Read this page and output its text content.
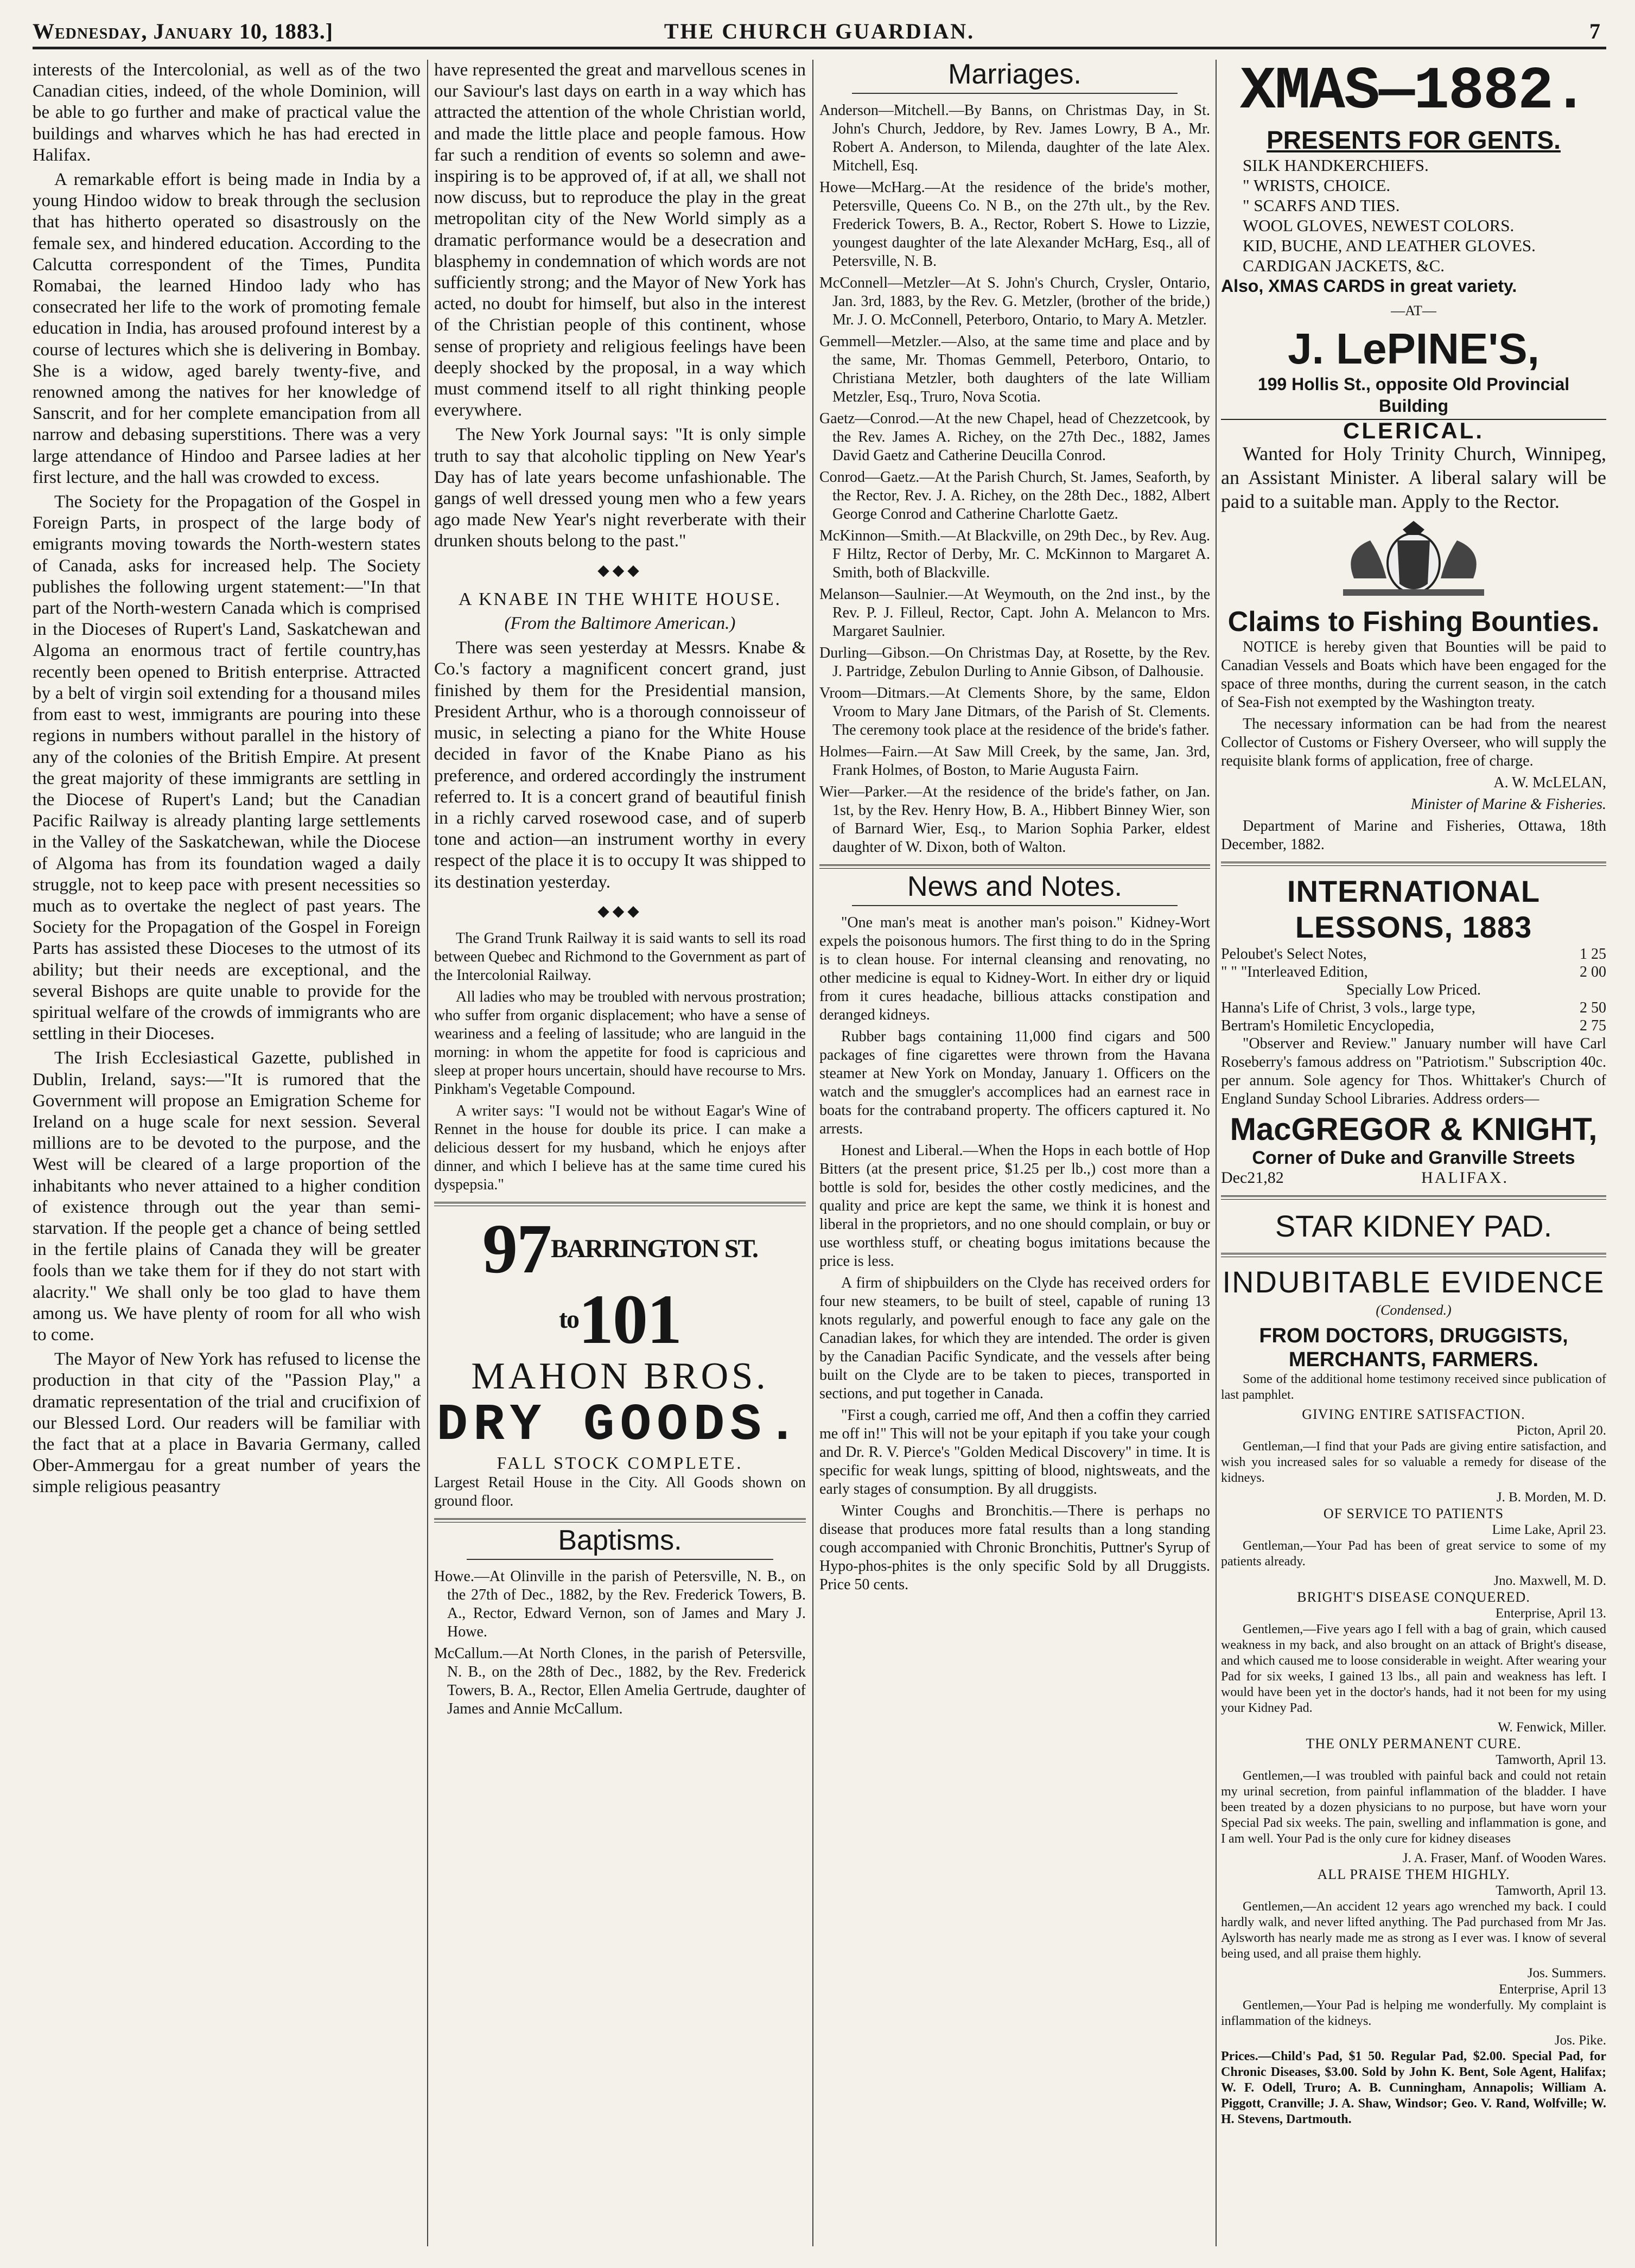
Wednesday, January 10, 1883.]	THE CHURCH GUARDIAN.	7

interests of the Intercolonial, as well as of the two Canadian cities, indeed, of the whole Dominion, will be able to go further and make of practical value the buildings and wharves which he has had erected in Halifax.

A remarkable effort is being made in India by a young Hindoo widow to break through the seclusion that has hitherto operated so disastrously on the female sex, and hindered education. According to the Calcutta correspondent of the Times, Pundita Romabai, the learned Hindoo lady who has consecrated her life to the work of promoting female education in India, has aroused profound interest by a course of lectures which she is delivering in Bombay. She is a widow, aged barely twenty-five, and renowned among the natives for her knowledge of Sanscrit, and for her complete emancipation from all narrow and debasing superstitions. There was a very large attendance of Hindoo and Parsee ladies at her first lecture, and the hall was crowded to excess.

The Society for the Propagation of the Gospel in Foreign Parts, in prospect of the large body of emigrants moving towards the North-western states of Canada, asks for increased help. The Society publishes the following urgent statement:—"In that part of the North-western Canada which is comprised in the Dioceses of Rupert's Land, Saskatchewan and Algoma an enormous tract of fertile country,has recently been opened to British enterprise. Attracted by a belt of virgin soil extending for a thousand miles from east to west, immigrants are pouring into these regions in numbers without parallel in the history of any of the colonies of the British Empire. At present the great majority of these immigrants are settling in the Diocese of Rupert's Land; but the Canadian Pacific Railway is already planting large settlements in the Valley of the Saskatchewan, while the Diocese of Algoma has from its foundation waged a daily struggle, not to keep pace with present necessities so much as to overtake the neglect of past years. The Society for the Propagation of the Gospel in Foreign Parts has assisted these Dioceses to the utmost of its ability; but their needs are exceptional, and the several Bishops are quite unable to provide for the spiritual welfare of the crowds of immigrants who are settling in their Dioceses.

The Irish Ecclesiastical Gazette, published in Dublin, Ireland, says:—"It is rumored that the Government will propose an Emigration Scheme for Ireland on a huge scale for next session. Several millions are to be devoted to the purpose, and the West will be cleared of a large proportion of the inhabitants who never attained to a higher condition of existence through out the year than semi-starvation. If the people get a chance of being settled in the fertile plains of Canada they will be greater fools than we take them for if they do not start with alacrity." We shall only be too glad to have them among us. We have plenty of room for all who wish to come.

The Mayor of New York has refused to license the production in that city of the "Passion Play," a dramatic representation of the trial and crucifixion of our Blessed Lord. Our readers will be familiar with the fact that at a place in Bavaria Germany, called Ober-Ammergau for a great number of years the simple religious peasantry

have represented the great and marvellous scenes in our Saviour's last days on earth in a way which has attracted the attention of the whole Christian world, and made the little place and people famous. How far such a rendition of events so solemn and awe-inspiring is to be approved of, if at all, we shall not now discuss, but to reproduce the play in the great metropolitan city of the New World simply as a dramatic performance would be a desecration and blasphemy in condemnation of which words are not sufficiently strong; and the Mayor of New York has acted, no doubt for himself, but also in the interest of the Christian people of this continent, whose sense of propriety and religious feelings have been deeply shocked by the proposal, in a way which must commend itself to all right thinking people everywhere.

The New York Journal says: "It is only simple truth to say that alcoholic tippling on New Year's Day has of late years become unfashionable. The gangs of well dressed young men who a few years ago made New Year's night reverberate with their drunken shouts belong to the past."

◆◆◆

A KNABE IN THE WHITE HOUSE.

(From the Baltimore American.)

There was seen yesterday at Messrs. Knabe & Co.'s factory a magnificent concert grand, just finished by them for the Presidential mansion, President Arthur, who is a thorough connoisseur of music, in selecting a piano for the White House decided in favor of the Knabe Piano as his preference, and ordered accordingly the instrument referred to. It is a concert grand of beautiful finish in a richly carved rosewood case, and of superb tone and action—an instrument worthy in every respect of the place it is to occupy It was shipped to its destination yesterday.

◆◆◆

The Grand Trunk Railway it is said wants to sell its road between Quebec and Richmond to the Government as part of the Intercolonial Railway.

All ladies who may be troubled with nervous prostration; who suffer from organic displacement; who have a sense of weariness and a feeling of lassitude; who are languid in the morning: in whom the appetite for food is capricious and sleep at proper hours uncertain, should have recourse to Mrs. Pinkham's Vegetable Compound.

A writer says: "I would not be without Eagar's Wine of Rennet in the house for double its price. I can make a delicious dessert for my husband, which he enjoys after dinner, and which I believe has at the same time cured his dyspepsia."

$97^{BARRINGTON ST. to}101$
MAHON BROS.
DRY GOODS.
FALL STOCK COMPLETE.

Largest Retail House in the City. All Goods shown on ground floor.

Baptisms.
Howe.—At Olinville in the parish of Petersville, N. B., on the 27th of Dec., 1882, by the Rev. Frederick Towers, B. A., Rector, Edward Vernon, son of James and Mary J. Howe.
McCallum.—At North Clones, in the parish of Petersville, N. B., on the 28th of Dec., 1882, by the Rev. Frederick Towers, B. A., Rector, Ellen Amelia Gertrude, daughter of James and Annie McCallum.
Marriages.
Anderson—Mitchell.—By Banns, on Christmas Day, in St. John's Church, Jeddore, by Rev. James Lowry, B A., Mr. Robert A. Anderson, to Milenda, daughter of the late Alex. Mitchell, Esq.
Howe—McHarg.—At the residence of the bride's mother, Petersville, Queens Co. N B., on the 27th ult., by the Rev. Frederick Towers, B. A., Rector, Robert S. Howe to Lizzie, youngest daughter of the late Alexander McHarg, Esq., all of Petersville, N. B.
McConnell—Metzler—At S. John's Church, Crysler, Ontario, Jan. 3rd, 1883, by the Rev. G. Metzler, (brother of the bride,) Mr. J. O. McConnell, Peterboro, Ontario, to Mary A. Metzler.
Gemmell—Metzler.—Also, at the same time and place and by the same, Mr. Thomas Gemmell, Peterboro, Ontario, to Christiana Metzler, both daughters of the late William Metzler, Esq., Truro, Nova Scotia.
Gaetz—Conrod.—At the new Chapel, head of Chezzetcook, by the Rev. James A. Richey, on the 27th Dec., 1882, James David Gaetz and Catherine Deucilla Conrod.
Conrod—Gaetz.—At the Parish Church, St. James, Seaforth, by the Rector, Rev. J. A. Richey, on the 28th Dec., 1882, Albert George Conrod and Catherine Charlotte Gaetz.
McKinnon—Smith.—At Blackville, on 29th Dec., by Rev. Aug. F Hiltz, Rector of Derby, Mr. C. McKinnon to Margaret A. Smith, both of Blackville.
Melanson—Saulnier.—At Weymouth, on the 2nd inst., by the Rev. P. J. Filleul, Rector, Capt. John A. Melancon to Mrs. Margaret Saulnier.
Durling—Gibson.—On Christmas Day, at Rosette, by the Rev. J. Partridge, Zebulon Durling to Annie Gibson, of Dalhousie.
Vroom—Ditmars.—At Clements Shore, by the same, Eldon Vroom to Mary Jane Ditmars, of the Parish of St. Clements. The ceremony took place at the residence of the bride's father.
Holmes—Fairn.—At Saw Mill Creek, by the same, Jan. 3rd, Frank Holmes, of Boston, to Marie Augusta Fairn.
Wier—Parker.—At the residence of the bride's father, on Jan. 1st, by the Rev. Henry How, B. A., Hibbert Binney Wier, son of Barnard Wier, Esq., to Marion Sophia Parker, eldest daughter of W. Dixon, both of Walton.
News and Notes.

"One man's meat is another man's poison." Kidney-Wort expels the poisonous humors. The first thing to do in the Spring is to clean house. For internal cleansing and renovating, no other medicine is equal to Kidney-Wort. In either dry or liquid from it cures headache, billious attacks constipation and deranged kidneys.

Rubber bags containing 11,000 find cigars and 500 packages of fine cigarettes were thrown from the Havana steamer at New York on Monday, January 1. Officers on the watch and the smuggler's accomplices had an earnest race in boats for the contraband property. The officers captured it. No arrests.

Honest and Liberal.—When the Hops in each bottle of Hop Bitters (at the present price, $1.25 per lb.,) cost more than a bottle is sold for, besides the other costly medicines, and the quality and price are kept the same, we think it is honest and liberal in the proprietors, and no one should complain, or buy or use worthless stuff, or cheating bogus imitations because the price is less.

A firm of shipbuilders on the Clyde has received orders for four new steamers, to be built of steel, capable of runing 13 knots regularly, and powerful enough to face any gale on the Canadian lakes, for which they are intended. The order is given by the Canadian Pacific Syndicate, and the vessels after being built on the Clyde are to be taken to pieces, transported in sections, and put together in Canada.

"First a cough, carried me off, And then a coffin they carried me off in!" This will not be your epitaph if you take your cough and Dr. R. V. Pierce's "Golden Medical Discovery" in time. It is specific for weak lungs, spitting of blood, nightsweats, and the early stages of consumption. By all druggists.

Winter Coughs and Bronchitis.—There is perhaps no disease that produces more fatal results than a long standing cough accompanied with Chronic Bronchitis, Puttner's Syrup of Hypo-phos-phites is the only specific Sold by all Druggists. Price 50 cents.

XMAS—1882.
PRESENTS FOR GENTS.

SILK HANDKERCHIEFS.

" WRISTS, CHOICE.

" SCARFS AND TIES.

WOOL GLOVES, NEWEST COLORS.

KID, BUCHE, AND LEATHER GLOVES.

CARDIGAN JACKETS, &C.

Also, XMAS CARDS in great variety.

—AT—

J. LePINE'S,
199 Hollis St., opposite Old Provincial Building
CLERICAL.

Wanted for Holy Trinity Church, Winnipeg, an Assistant Minister. A liberal salary will be paid to a suitable man. Apply to the Rector.

Claims to Fishing Bounties.

NOTICE is hereby given that Bounties will be paid to Canadian Vessels and Boats which have been engaged for the space of three months, during the current season, in the catch of Sea-Fish not exempted by the Washington treaty.

The necessary information can be had from the nearest Collector of Customs or Fishery Overseer, who will supply the requisite blank forms of application, free of charge.

A. W. McLELAN,

Minister of Marine & Fisheries.

Department of Marine and Fisheries, Ottawa, 18th December, 1882.

INTERNATIONAL LESSONS, 1883
Peloubet's Select Notes,	1 25
" " "Interleaved Edition,	2 00
Specially Low Priced.
Hanna's Life of Christ, 3 vols., large type,	2 50
Bertram's Homiletic Encyclopedia,	2 75

"Observer and Review." January number will have Carl Roseberry's famous address on "Patriotism." Subscription 40c. per annum. Sole agency for Thos. Whittaker's Church of England Sunday School Libraries. Address orders—

MacGREGOR & KNIGHT,
Corner of Duke and Granville Streets
Dec21,82	HALIFAX.
STAR KIDNEY PAD.
INDUBITABLE EVIDENCE

(Condensed.)

FROM DOCTORS, DRUGGISTS, MERCHANTS, FARMERS.

Some of the additional home testimony received since publication of last pamphlet.

GIVING ENTIRE SATISFACTION.
Picton, April 20.

Gentleman,—I find that your Pads are giving entire satisfaction, and wish you increased sales for so valuable a remedy for disease of the kidneys.

J. B. Morden, M. D.
OF SERVICE TO PATIENTS
Lime Lake, April 23.

Gentleman,—Your Pad has been of great service to some of my patients already.

Jno. Maxwell, M. D.
BRIGHT'S DISEASE CONQUERED.
Enterprise, April 13.

Gentlemen,—Five years ago I fell with a bag of grain, which caused weakness in my back, and also brought on an attack of Bright's disease, and which caused me to loose considerable in weight. After wearing your Pad for six weeks, I gained 13 lbs., all pain and weakness has left. I would have been yet in the doctor's hands, had it not been for my using your Kidney Pad.

W. Fenwick, Miller.
THE ONLY PERMANENT CURE.
Tamworth, April 13.

Gentlemen,—I was troubled with painful back and could not retain my urinal secretion, from painful inflammation of the bladder. I have been treated by a dozen physicians to no purpose, but have worn your Special Pad six weeks. The pain, swelling and inflammation is gone, and I am well. Your Pad is the only cure for kidney diseases

J. A. Fraser, Manf. of Wooden Wares.
ALL PRAISE THEM HIGHLY.
Tamworth, April 13.

Gentlemen,—An accident 12 years ago wrenched my back. I could hardly walk, and never lifted anything. The Pad purchased from Mr Jas. Aylsworth has nearly made me as strong as I ever was. I know of several being used, and all praise them highly.

Jos. Summers.
Enterprise, April 13

Gentlemen,—Your Pad is helping me wonderfully. My complaint is inflammation of the kidneys.

Jos. Pike.

Prices.—Child's Pad, $1 50. Regular Pad, $2.00. Special Pad, for Chronic Diseases, $3.00. Sold by John K. Bent, Sole Agent, Halifax; W. F. Odell, Truro; A. B. Cunningham, Annapolis; William A. Piggott, Cranville; J. A. Shaw, Windsor; Geo. V. Rand, Wolfville; W. H. Stevens, Dartmouth.
